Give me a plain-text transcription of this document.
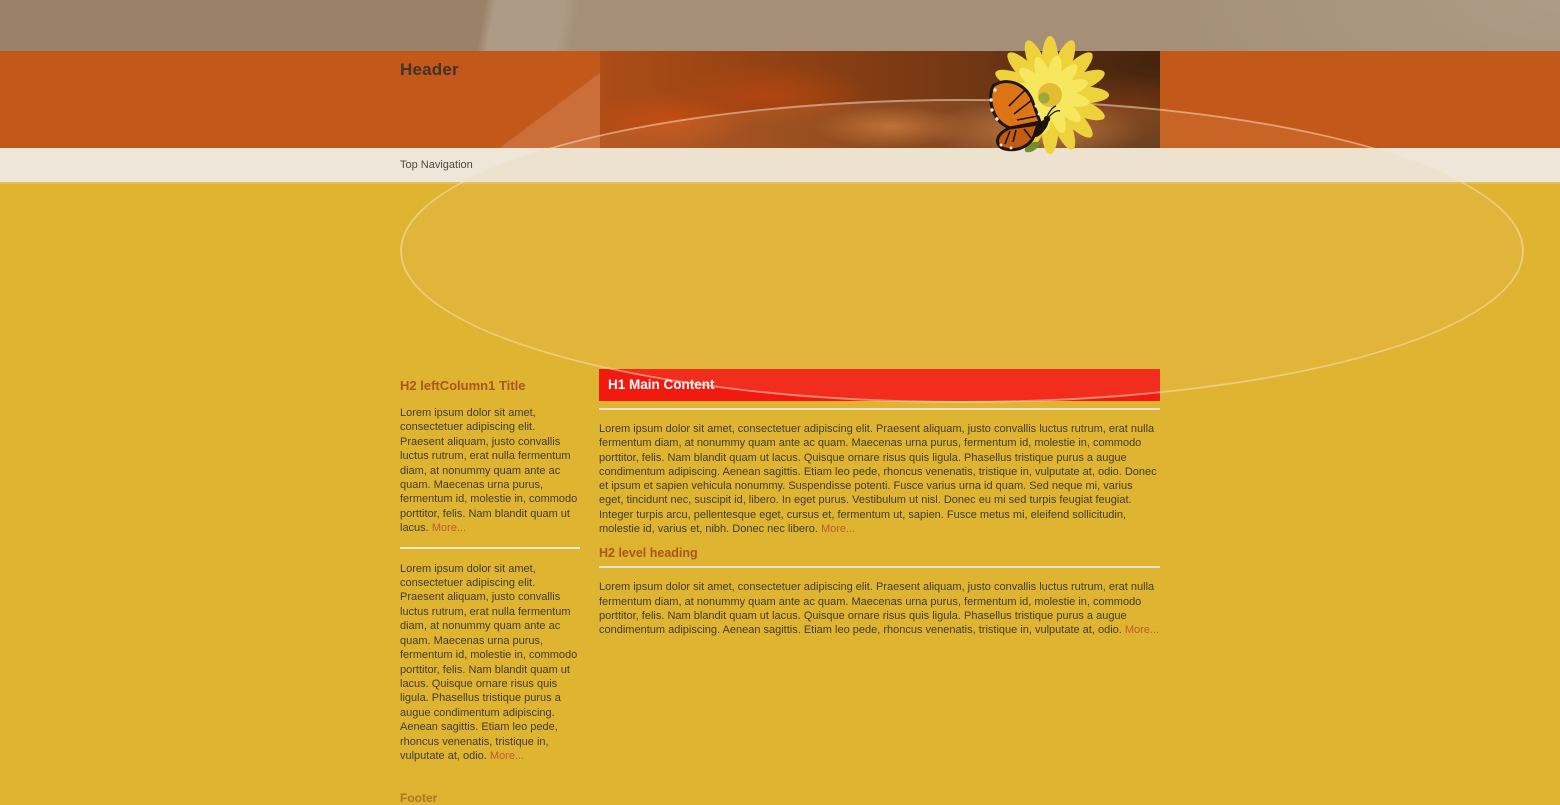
Header
Top Navigation
H2 leftColumn1 Title

Lorem ipsum dolor sit amet, consectetuer adipiscing elit. Praesent aliquam, justo convallis luctus rutrum, erat nulla fermentum diam, at nonummy quam ante ac quam. Maecenas urna purus, fermentum id, molestie in, commodo porttitor, felis. Nam blandit quam ut lacus. More...

Lorem ipsum dolor sit amet, consectetuer adipiscing elit. Praesent aliquam, justo convallis luctus rutrum, erat nulla fermentum diam, at nonummy quam ante ac quam. Maecenas urna purus, fermentum id, molestie in, commodo porttitor, felis. Nam blandit quam ut lacus. Quisque ornare risus quis ligula. Phasellus tristique purus a augue condimentum adipiscing. Aenean sagittis. Etiam leo pede, rhoncus venenatis, tristique in, vulputate at, odio. More...

Footer
H1 Main Content

Lorem ipsum dolor sit amet, consectetuer adipiscing elit. Praesent aliquam, justo convallis luctus rutrum, erat nulla fermentum diam, at nonummy quam ante ac quam. Maecenas urna purus, fermentum id, molestie in, commodo porttitor, felis. Nam blandit quam ut lacus. Quisque ornare risus quis ligula. Phasellus tristique purus a augue condimentum adipiscing. Aenean sagittis. Etiam leo pede, rhoncus venenatis, tristique in, vulputate at, odio. Donec et ipsum et sapien vehicula nonummy. Suspendisse potenti. Fusce varius urna id quam. Sed neque mi, varius eget, tincidunt nec, suscipit id, libero. In eget purus. Vestibulum ut nisl. Donec eu mi sed turpis feugiat feugiat. Integer turpis arcu, pellentesque eget, cursus et, fermentum ut, sapien. Fusce metus mi, eleifend sollicitudin, molestie id, varius et, nibh. Donec nec libero. More...

H2 level heading

Lorem ipsum dolor sit amet, consectetuer adipiscing elit. Praesent aliquam, justo convallis luctus rutrum, erat nulla fermentum diam, at nonummy quam ante ac quam. Maecenas urna purus, fermentum id, molestie in, commodo porttitor, felis. Nam blandit quam ut lacus. Quisque ornare risus quis ligula. Phasellus tristique purus a augue condimentum adipiscing. Aenean sagittis. Etiam leo pede, rhoncus venenatis, tristique in, vulputate at, odio. More...
